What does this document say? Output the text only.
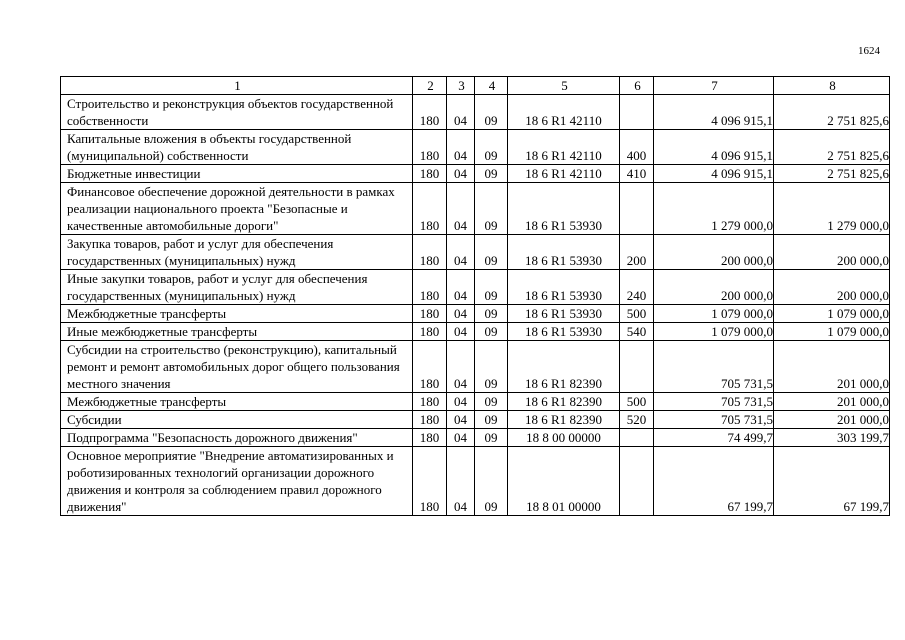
1624
1	2	3	4	5	6	7	8
Строительство и реконструкция объектов государственной собственности	180	04	09	18 6 R1 42110		4 096 915,1	2 751 825,6
Капитальные вложения в объекты государственной (муниципальной) собственности	180	04	09	18 6 R1 42110	400	4 096 915,1	2 751 825,6
Бюджетные инвестиции	180	04	09	18 6 R1 42110	410	4 096 915,1	2 751 825,6
Финансовое обеспечение дорожной деятельности в рамках реализации национального проекта "Безопасные и качественные автомобильные дороги"	180	04	09	18 6 R1 53930		1 279 000,0	1 279 000,0
Закупка товаров, работ и услуг для обеспечения государственных (муниципальных) нужд	180	04	09	18 6 R1 53930	200	200 000,0	200 000,0
Иные закупки товаров, работ и услуг для обеспечения государственных (муниципальных) нужд	180	04	09	18 6 R1 53930	240	200 000,0	200 000,0
Межбюджетные трансферты	180	04	09	18 6 R1 53930	500	1 079 000,0	1 079 000,0
Иные межбюджетные трансферты	180	04	09	18 6 R1 53930	540	1 079 000,0	1 079 000,0
Субсидии на строительство (реконструкцию), капитальный ремонт и ремонт автомобильных дорог общего пользования местного значения	180	04	09	18 6 R1 82390		705 731,5	201 000,0
Межбюджетные трансферты	180	04	09	18 6 R1 82390	500	705 731,5	201 000,0
Субсидии	180	04	09	18 6 R1 82390	520	705 731,5	201 000,0
Подпрограмма "Безопасность дорожного движения"	180	04	09	18 8 00 00000		74 499,7	303 199,7
Основное мероприятие "Внедрение автоматизированных и роботизированных технологий организации дорожного движения и контроля за соблюдением правил дорожного движения"	180	04	09	18 8 01 00000		67 199,7	67 199,7
